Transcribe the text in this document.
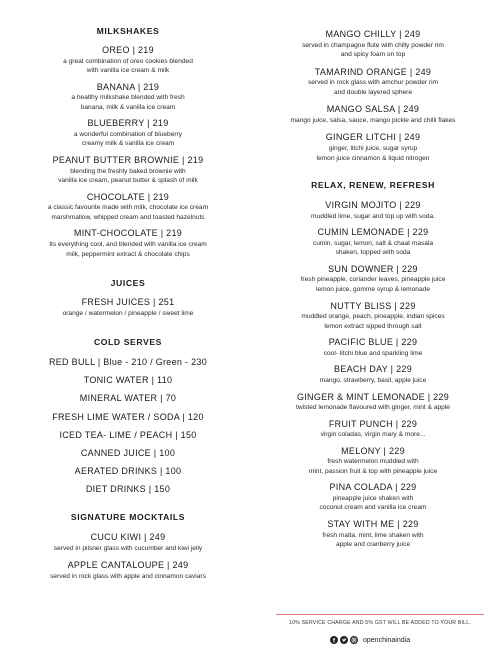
MILKSHAKES
OREO | 219
a great combination of oreo cookies blended
with vanilla ice cream & milk
BANANA | 219
a healthy milkshake blended with fresh
banana, milk & vanilla ice cream
BLUEBERRY | 219
a wonderful combination of blueberry
creamy milk & vanilla ice cream
PEANUT BUTTER BROWNIE | 219
blending the freshly baked brownie with
vanilla ice cream, peanut butter & splash of milk
CHOCOLATE | 219
a classic favourite made with milk, chocolate ice cream
marshmallow, whipped cream and toasted hazelnuts
MINT-CHOCOLATE | 219
Its everything cool, and blended with vanilla ice cream
milk, peppermint extract & chocolate chips
JUICES
FRESH JUICES | 251
orange / watermelon / pineapple / sweet lime
COLD SERVES
RED BULL | Blue - 210 / Green - 230
TONIC WATER | 110
MINERAL WATER | 70
FRESH LIME WATER / SODA | 120
ICED TEA- LIME / PEACH | 150
CANNED JUICE | 100
AERATED DRINKS | 100
DIET DRINKS | 150
SIGNATURE MOCKTAILS
CUCU KIWI | 249
served in pilsner glass with cucumber and kiwi jelly
APPLE CANTALOUPE | 249
served in rock glass with apple and cinnamon caviars
MANGO CHILLY | 249
served in champagne flute with chilly powder rim
and spicy foam on top
TAMARIND ORANGE | 249
served in rock glass with amchur powder rim
and double layered sphere
MANGO SALSA | 249
mango juice, salsa, sauce, mango pickle and chilli flakes
GINGER LITCHI | 249
ginger, litchi juice, sugar syrup
lemon juice cinnamon & liquid nitrogen
RELAX, RENEW, REFRESH
VIRGIN MOJITO | 229
muddled lime, sugar and top up with soda.
CUMIN LEMONADE | 229
cumin, sugar, lemon, salt & chaat masala
shaken, topped with soda
SUN DOWNER | 229
fresh pineapple, coriander leaves, pineapple juice
lemon juice, gomme syrup & lemonade
NUTTY BLISS | 229
muddled orange, peach, pineapple, indian spices
lemon extract sipped through salt
PACIFIC BLUE | 229
cool- litchi blue and sparkling lime
BEACH DAY | 229
mango, strawberry, basil, apple juice
GINGER & MINT LEMONADE | 229
twisted lemonade flavoured with ginger, mint & apple
FRUIT PUNCH | 229
virgin coladas, virgin mary & more...
MELONY | 229
fresh watermelon muddled with
mint, passion fruit & top with pineapple juice
PINA COLADA | 229
pineapple juice shaken with
coconut cream and vanilla ice cream
STAY WITH ME | 229
fresh malta, mint, lime shaken with
apple and cranberry juice
10% SERVICE CHARGE AND 5% GST WILL BE ADDED TO YOUR BILL.
f	openchinaindia
